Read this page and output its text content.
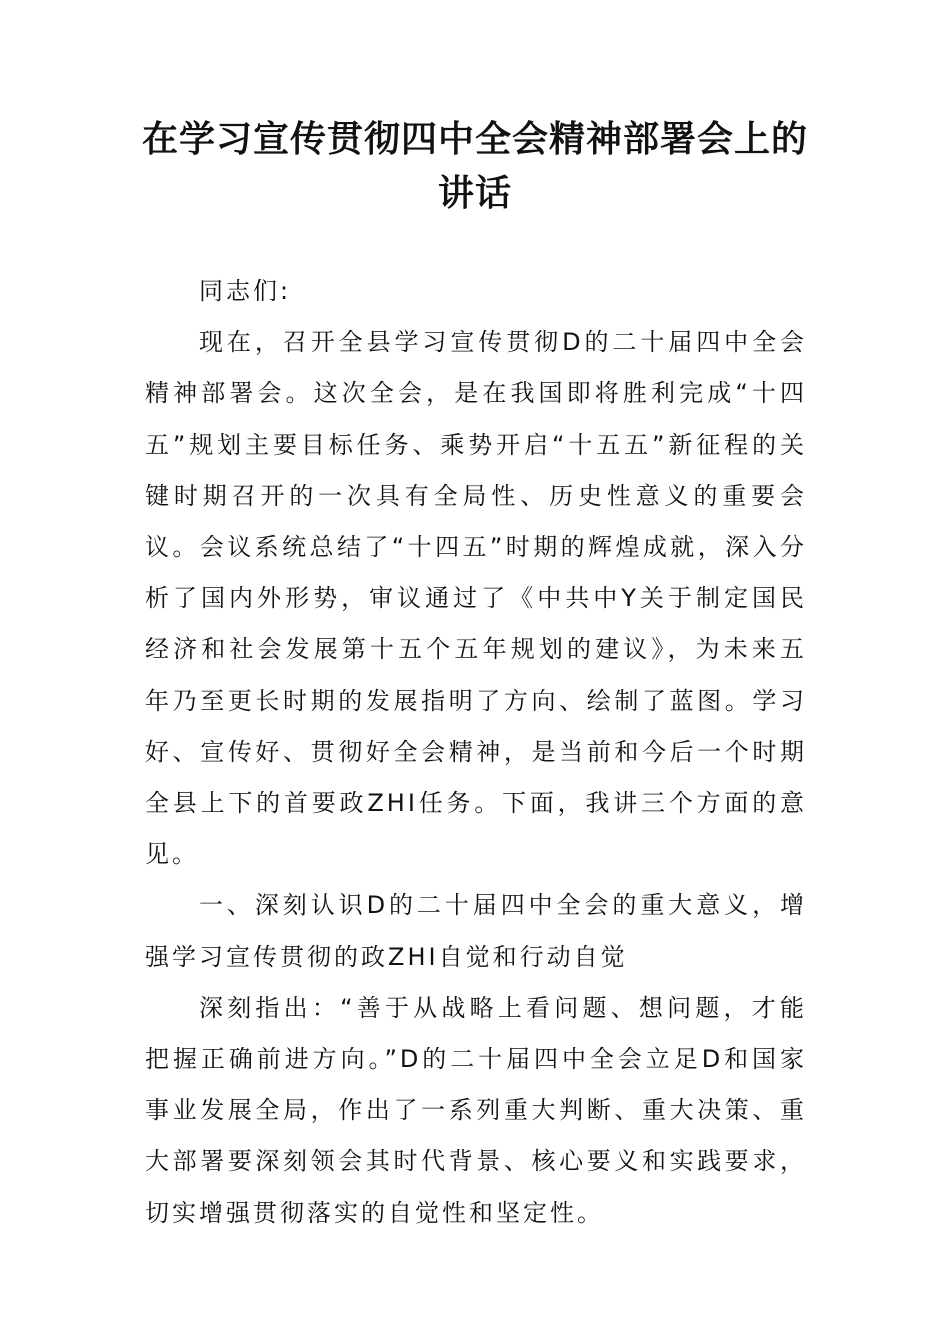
在学习宣传贯彻四中全会精神部署会上的
讲话

同志们:

现在，召开全县学习宣传贯彻D的二十届四中全会精神部署会。这次全会，是在我国即将胜利完成“十四五”规划主要目标任务、乘势开启“十五五”新征程的关键时期召开的一次具有全局性、历史性意义的重要会议。会议系统总结了“十四五”时期的辉煌成就，深入分析了国内外形势，审议通过了《中共中Y关于制定国民经济和社会发展第十五个五年规划的建议》，为未来五年乃至更长时期的发展指明了方向、绘制了蓝图。学习好、宣传好、贯彻好全会精神，是当前和今后一个时期全县上下的首要政ZHI任务。下面，我讲三个方面的意见。

一、深刻认识D的二十届四中全会的重大意义，增强学习宣传贯彻的政ZHI自觉和行动自觉

深刻指出：“善于从战略上看问题、想问题，才能把握正确前进方向。”D的二十届四中全会立足D和国家事业发展全局，作出了一系列重大判断、重大决策、重大部署要深刻领会其时代背景、核心要义和实践要求，切实增强贯彻落实的自觉性和坚定性。
